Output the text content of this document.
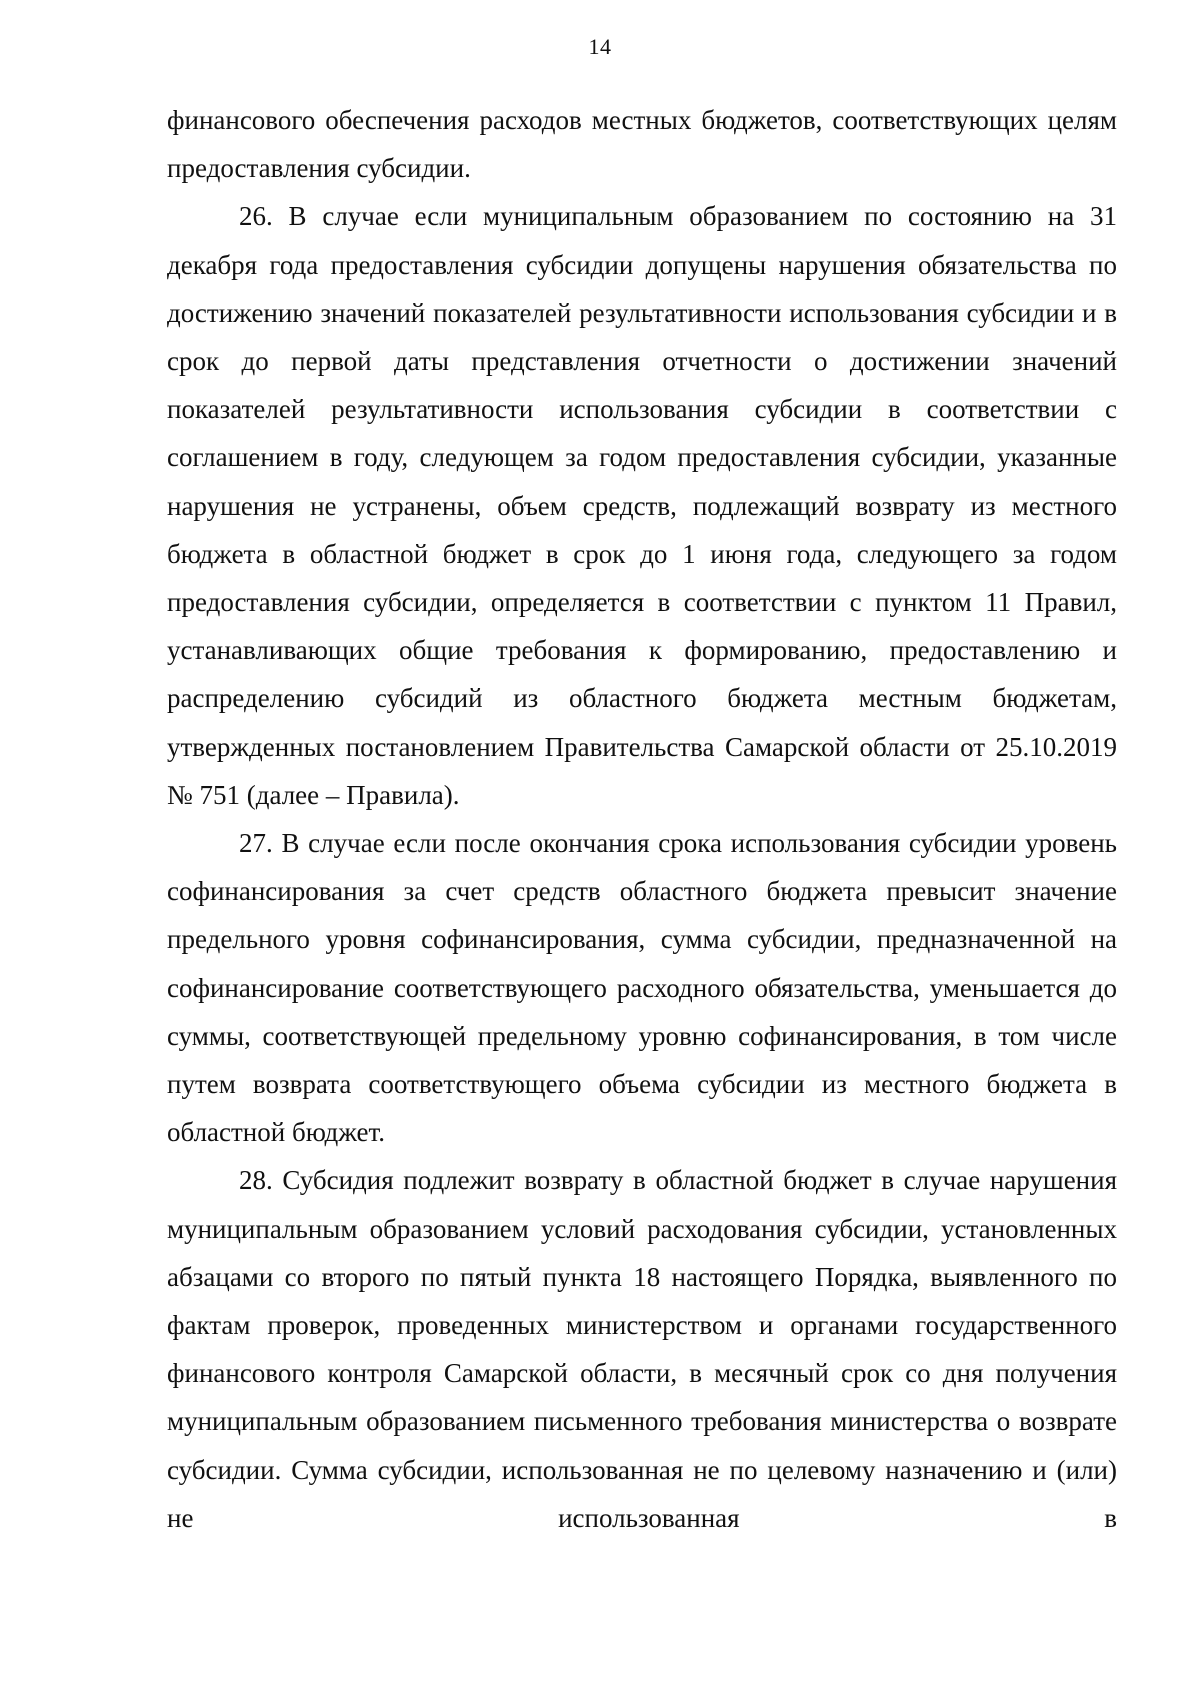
14

финансового обеспечения расходов местных бюджетов, соответствующих целям предоставления субсидии.

26. В случае если муниципальным образованием по состоянию на 31 декабря года предоставления субсидии допущены нарушения обязательства по достижению значений показателей результативности использования субсидии и в срок до первой даты представления отчетности о достижении значений показателей результативности использования субсидии в соответствии с соглашением в году, следующем за годом предоставления субсидии, указанные нарушения не устранены, объем средств, подлежащий возврату из местного бюджета в областной бюджет в срок до 1 июня года, следующего за годом предоставления субсидии, определяется в соответствии с пунктом 11 Правил, устанавливающих общие требования к формированию, предоставлению и распределению субсидий из областного бюджета местным бюджетам, утвержденных постановлением Правительства Самарской области от 25.10.2019 № 751 (далее – Правила).

27. В случае если после окончания срока использования субсидии уровень софинансирования за счет средств областного бюджета превысит значение предельного уровня софинансирования, сумма субсидии, предназначенной на софинансирование соответствующего расходного обязательства, уменьшается до суммы, соответствующей предельному уровню софинансирования, в том числе путем возврата соответствующего объема субсидии из местного бюджета в областной бюджет.

28. Субсидия подлежит возврату в областной бюджет в случае нарушения муниципальным образованием условий расходования субсидии, установленных абзацами со второго по пятый пункта 18 настоящего Порядка, выявленного по фактам проверок, проведенных министерством и органами государственного финансового контроля Самарской области, в месячный срок со дня получения муниципальным образованием письменного требования министерства о возврате субсидии. Сумма субсидии, использованная не по целевому назначению и (или) не использованная в
